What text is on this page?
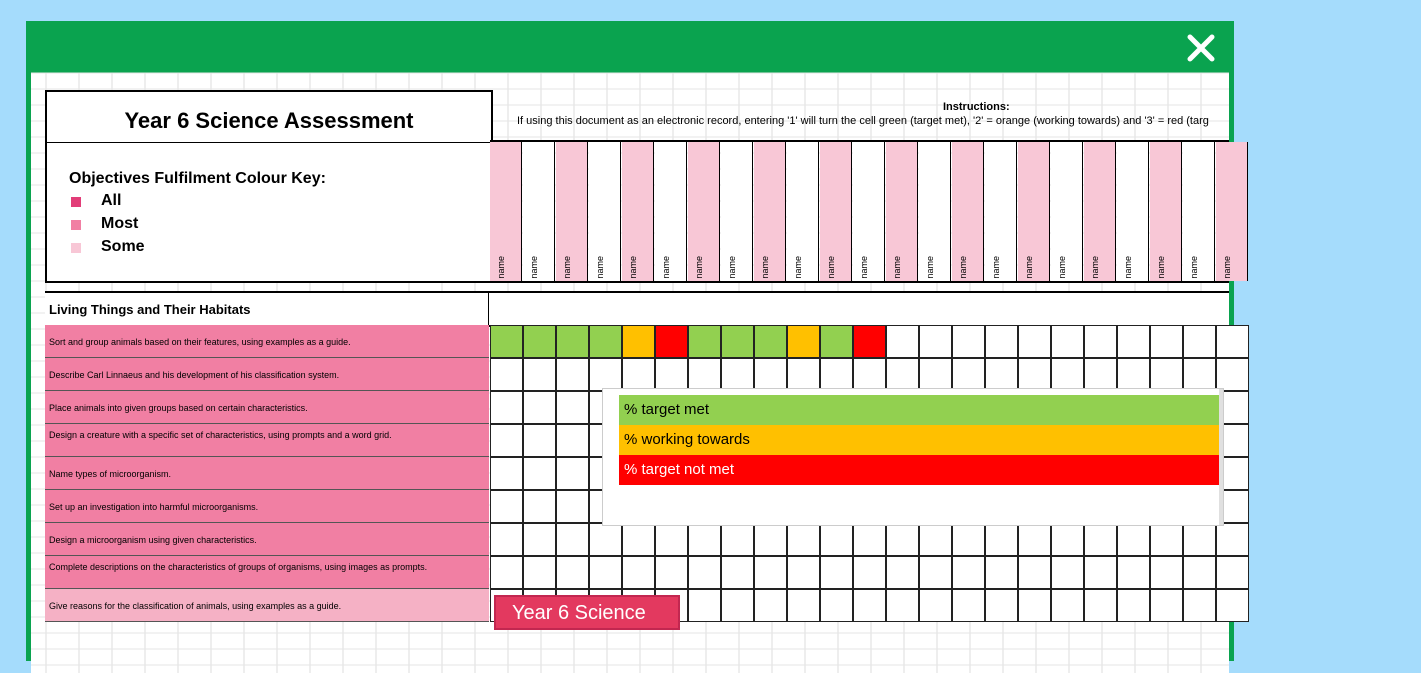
Year 6 Science Assessment
Objectives Fulfilment Colour Key:
All
Most
Some
Instructions:
If using this document as an electronic record, entering '1' will turn the cell green (target met), '2' = orange (working towards) and '3' = red (targ
name	name	name	name	name	name	name	name	name	name	name	name	name	name	name	name	name	name	name	name	name	name	name
Living Things and Their Habitats
Sort and group animals based on their features, using examples as a guide.
Describe Carl Linnaeus and his development of his classification system.
Place animals into given groups based on certain characteristics.
Design a creature with a specific set of characteristics, using prompts and a word grid.
Name types of microorganism.
Set up an investigation into harmful microorganisms.
Design a microorganism using given characteristics.
Complete descriptions on the characteristics of groups of organisms, using images as prompts.
Give reasons for the classification of animals, using examples as a guide.
% target met
% working towards
% target not met
Year 6 Science
